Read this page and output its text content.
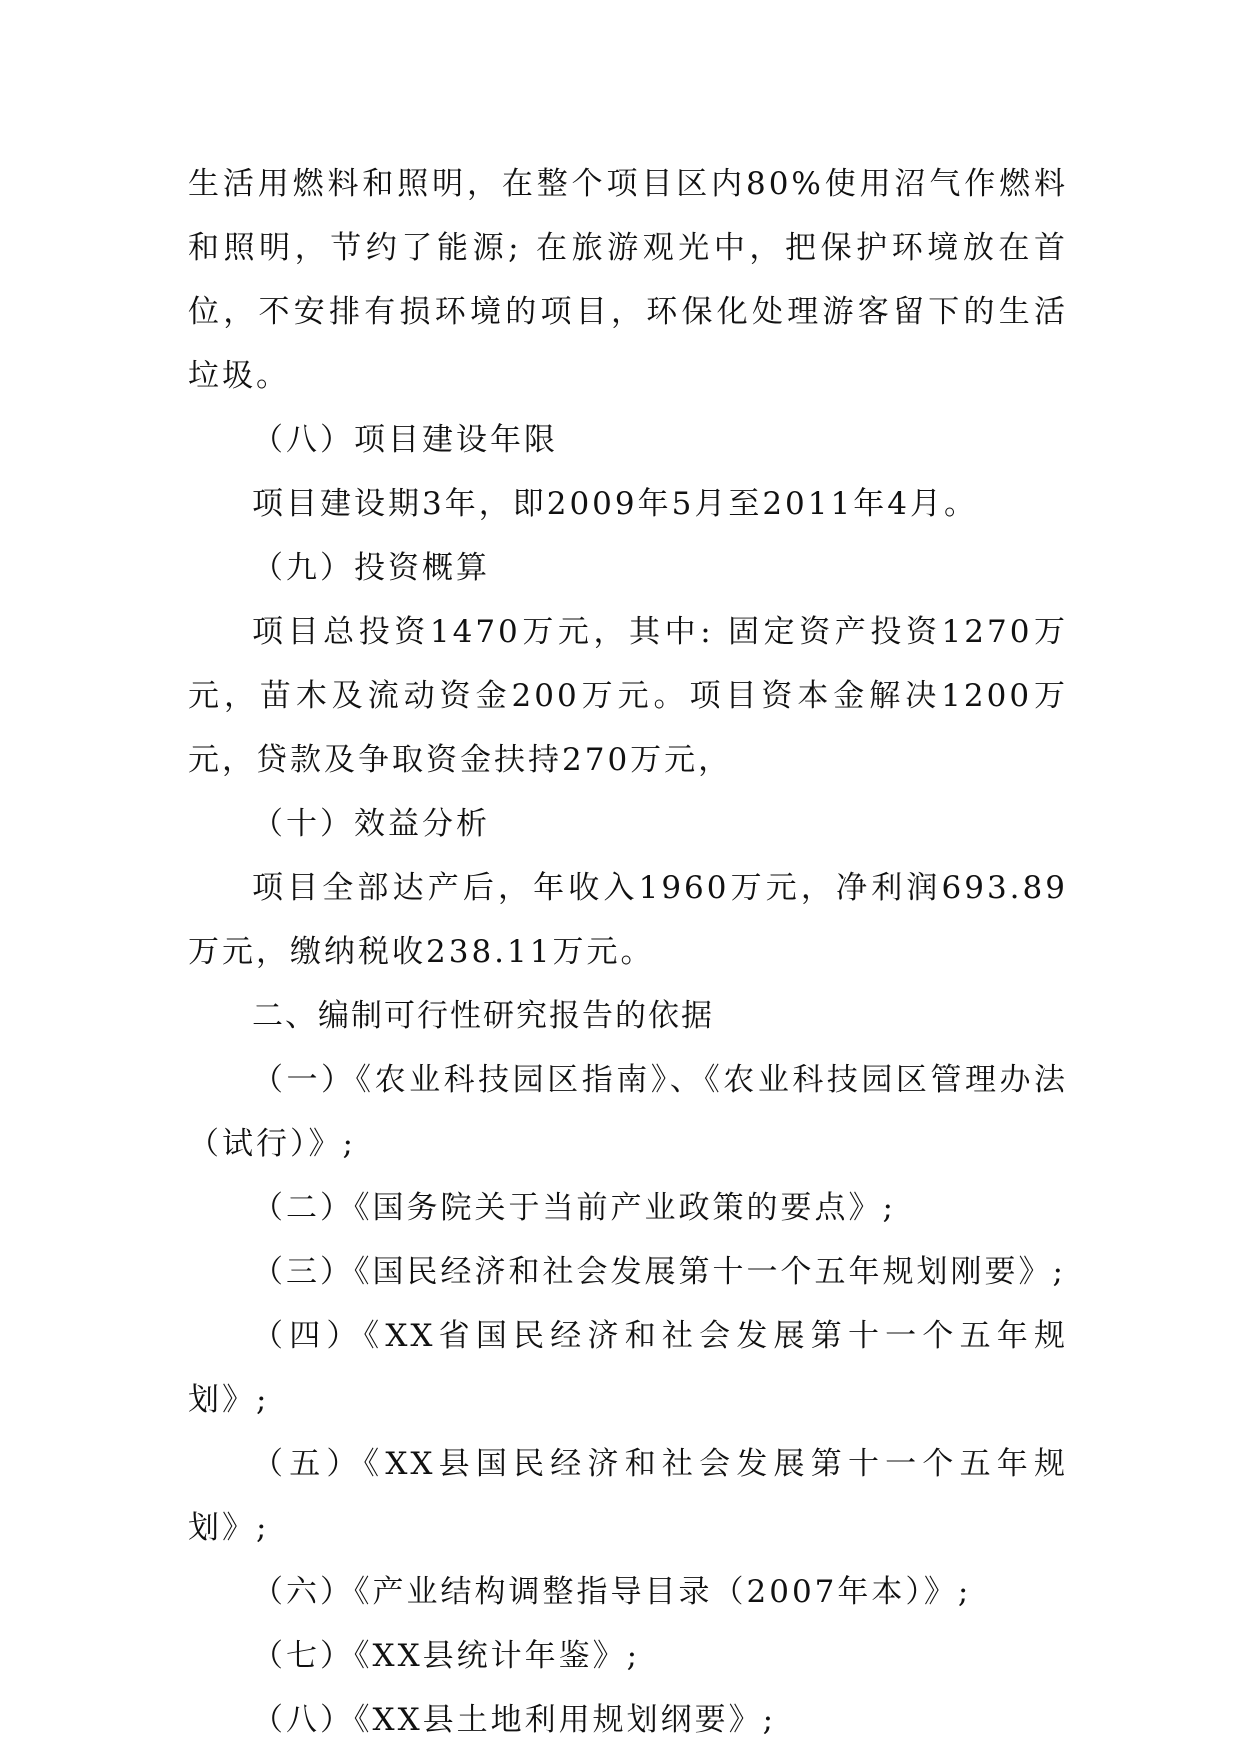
生活用燃料和照明，在整个项目区内80%使用沼气作燃料和照明，节约了能源; 在旅游观光中，把保护环境放在首位，不安排有损环境的项目，环保化处理游客留下的生活垃圾。

（八）项目建设年限

项目建设期3年，即2009年5月至2011年4月。

（九）投资概算

项目总投资1470万元，其中: 固定资产投资1270万元，苗木及流动资金200万元。项目资本金解决1200万元，贷款及争取资金扶持270万元，

（十）效益分析

项目全部达产后，年收入1960万元，净利润693.89万元，缴纳税收238.11万元。

二、编制可行性研究报告的依据

（一）《农业科技园区指南》、《农业科技园区管理办法（试行）》;

（二）《国务院关于当前产业政策的要点》;

（三）《国民经济和社会发展第十一个五年规划刚要》;

（四）《XX省国民经济和社会发展第十一个五年规划》;

（五）《XX县国民经济和社会发展第十一个五年规划》;

（六）《产业结构调整指导目录（2007年本）》;

（七）《XX县统计年鉴》;

（八）《XX县土地利用规划纲要》;
